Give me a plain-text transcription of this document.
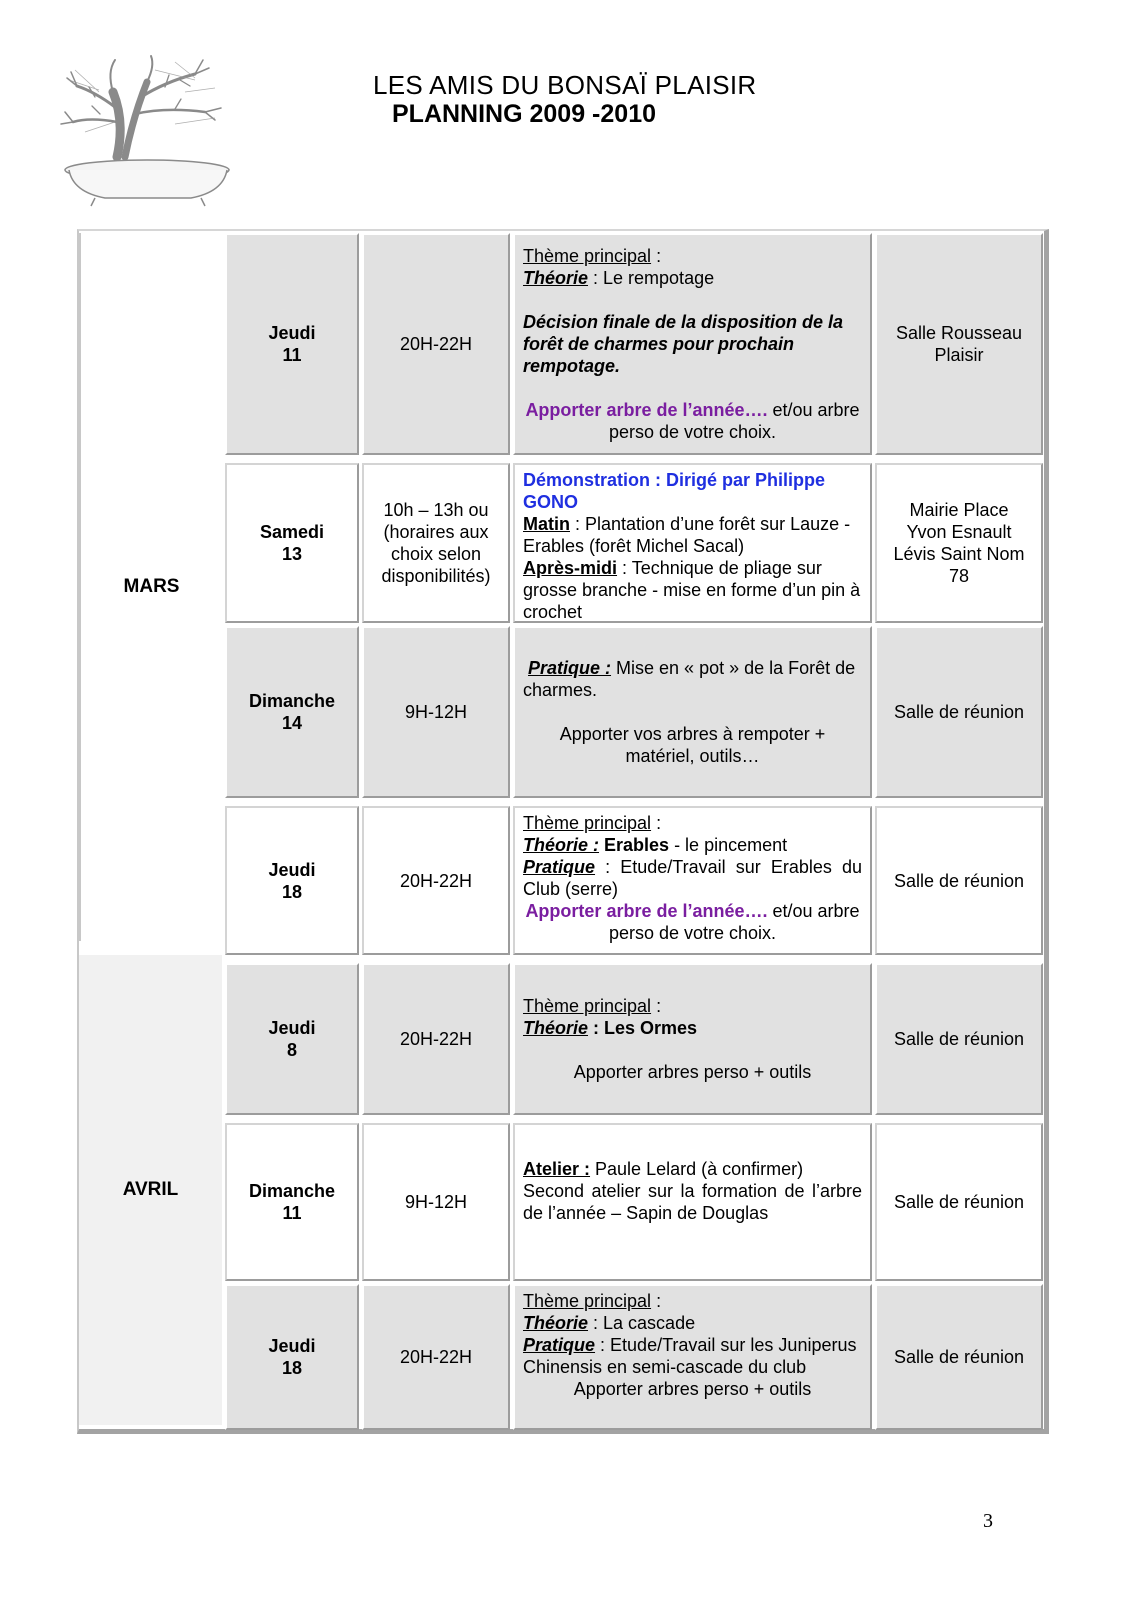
LES AMIS DU BONSAÏ PLAISIR
PLANNING 2009 -2010
MARS
AVRIL
Jeudi
11
20H-22H

Thème principal :

Théorie : Le rempotage

Décision finale de la disposition de la forêt de charmes pour prochain rempotage.

Apporter arbre de l’année…. et/ou arbre perso de votre choix.

Salle Rousseau Plaisir
Samedi
13
10h – 13h ou (horaires aux choix selon disponibilités)

Démonstration : Dirigé par Philippe GONO

Matin : Plantation d’une forêt sur Lauze - Erables (forêt Michel Sacal)

Après-midi : Technique de pliage sur grosse branche - mise en forme d’un pin à crochet

Mairie Place Yvon Esnault Lévis Saint Nom 78
Dimanche
14
9H-12H

Pratique : Mise en « pot » de la Forêt de charmes.

Apporter vos arbres à rempoter + matériel, outils…

Salle de réunion
Jeudi
18
20H-22H

Thème principal :

Théorie : Erables - le pincement

Pratique : Etude/Travail sur Erables du Club (serre)

Apporter arbre de l’année…. et/ou arbre perso de votre choix.

Salle de réunion
Jeudi
8
20H-22H

Thème principal :

Théorie : Les Ormes

Apporter arbres perso + outils

Salle de réunion
Dimanche
11
9H-12H

Atelier : Paule Lelard (à confirmer)

Second atelier sur la formation de l’arbre de l’année – Sapin de Douglas

Salle de réunion
Jeudi
18
20H-22H

Thème principal :

Théorie : La cascade

Pratique : Etude/Travail sur les Juniperus Chinensis en semi-cascade du club

Apporter arbres perso + outils

Salle de réunion
3
